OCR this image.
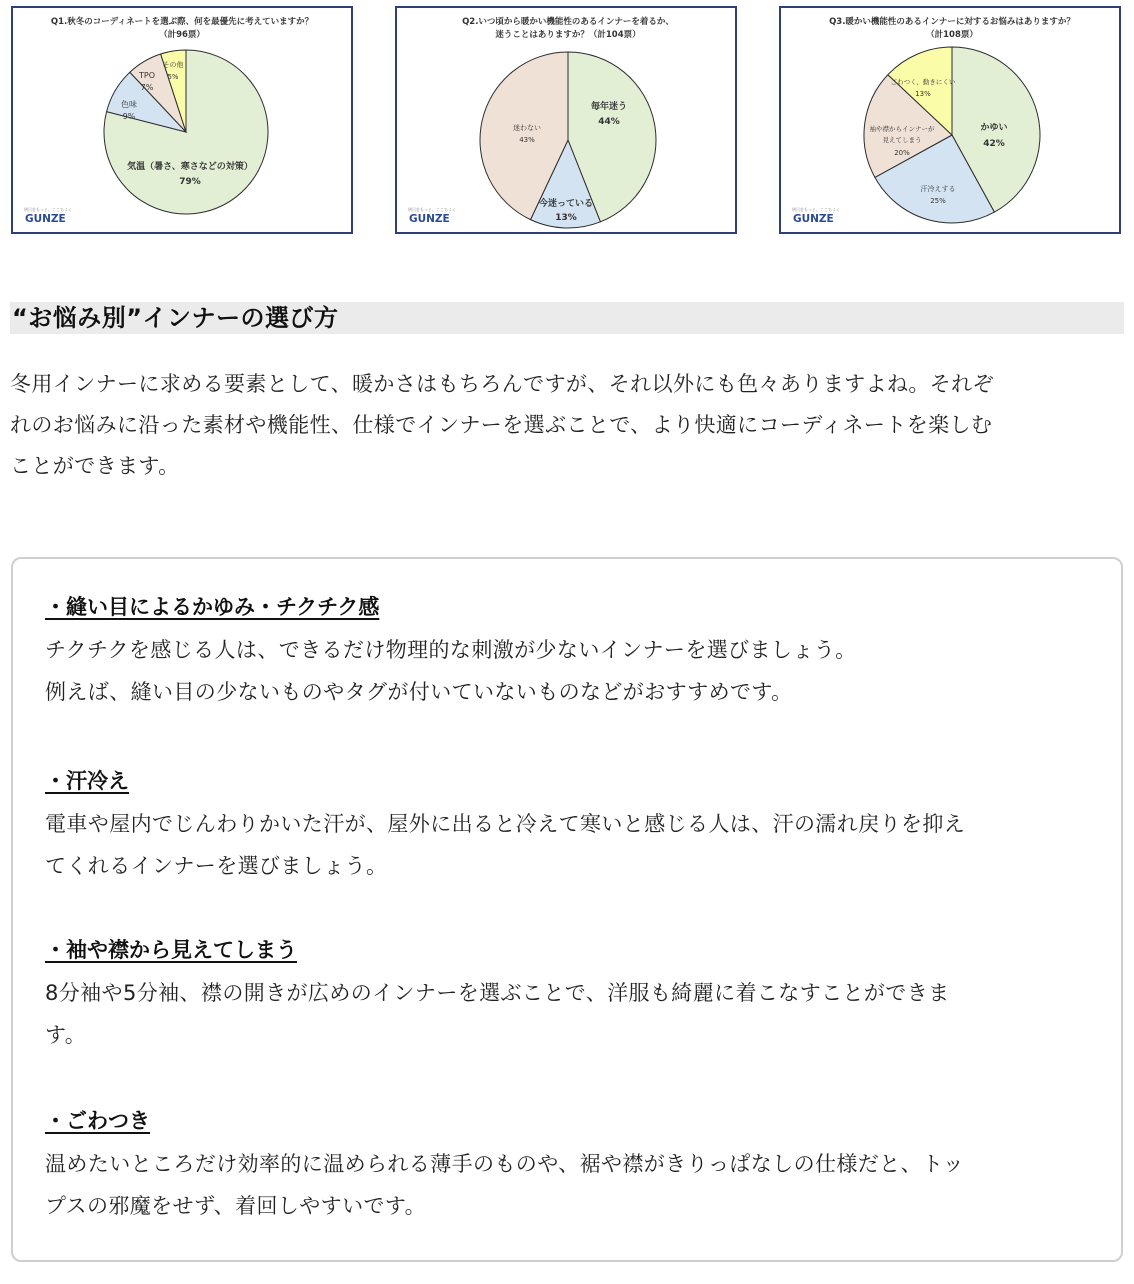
Q1.秋冬のコーディネートを選ぶ際、何を最優先に考えていますか？
（計96票）
気温（暑さ、寒さなどの対策）
79%
色味
9%
TPO
7%
その他
5%
明日をもっと、ここちよく
GUNZE
Q2.いつ頃から暖かい機能性のあるインナーを着るか、
迷うことはありますか？（計104票）
毎年迷う
44%
今迷っている
13%
迷わない
43%
明日をもっと、ここちよく
GUNZE
Q3.暖かい機能性のあるインナーに対するお悩みはありますか？
（計108票）
かゆい
42%
汗冷えする
25%
袖や襟からインナーが
見えてしまう
20%
ごわつく、動きにくい
13%
明日をもっと、ここちよく
GUNZE
“お悩み別”インナーの選び方

冬用インナーに求める要素として、暖かさはもちろんですが、それ以外にも色々ありますよね。それぞ
れのお悩みに沿った素材や機能性、仕様でインナーを選ぶことで、より快適にコーディネートを楽しむ
ことができます。

・縫い目によるかゆみ・チクチク感

チクチクを感じる人は、できるだけ物理的な刺激が少ないインナーを選びましょう。
例えば、縫い目の少ないものやタグが付いていないものなどがおすすめです。

・汗冷え

電車や屋内でじんわりかいた汗が、屋外に出ると冷えて寒いと感じる人は、汗の濡れ戻りを抑え
てくれるインナーを選びましょう。

・袖や襟から見えてしまう

8分袖や5分袖、襟の開きが広めのインナーを選ぶことで、洋服も綺麗に着こなすことができま
す。

・ごわつき

温めたいところだけ効率的に温められる薄手のものや、裾や襟がきりっぱなしの仕様だと、トッ
プスの邪魔をせず、着回しやすいです。
